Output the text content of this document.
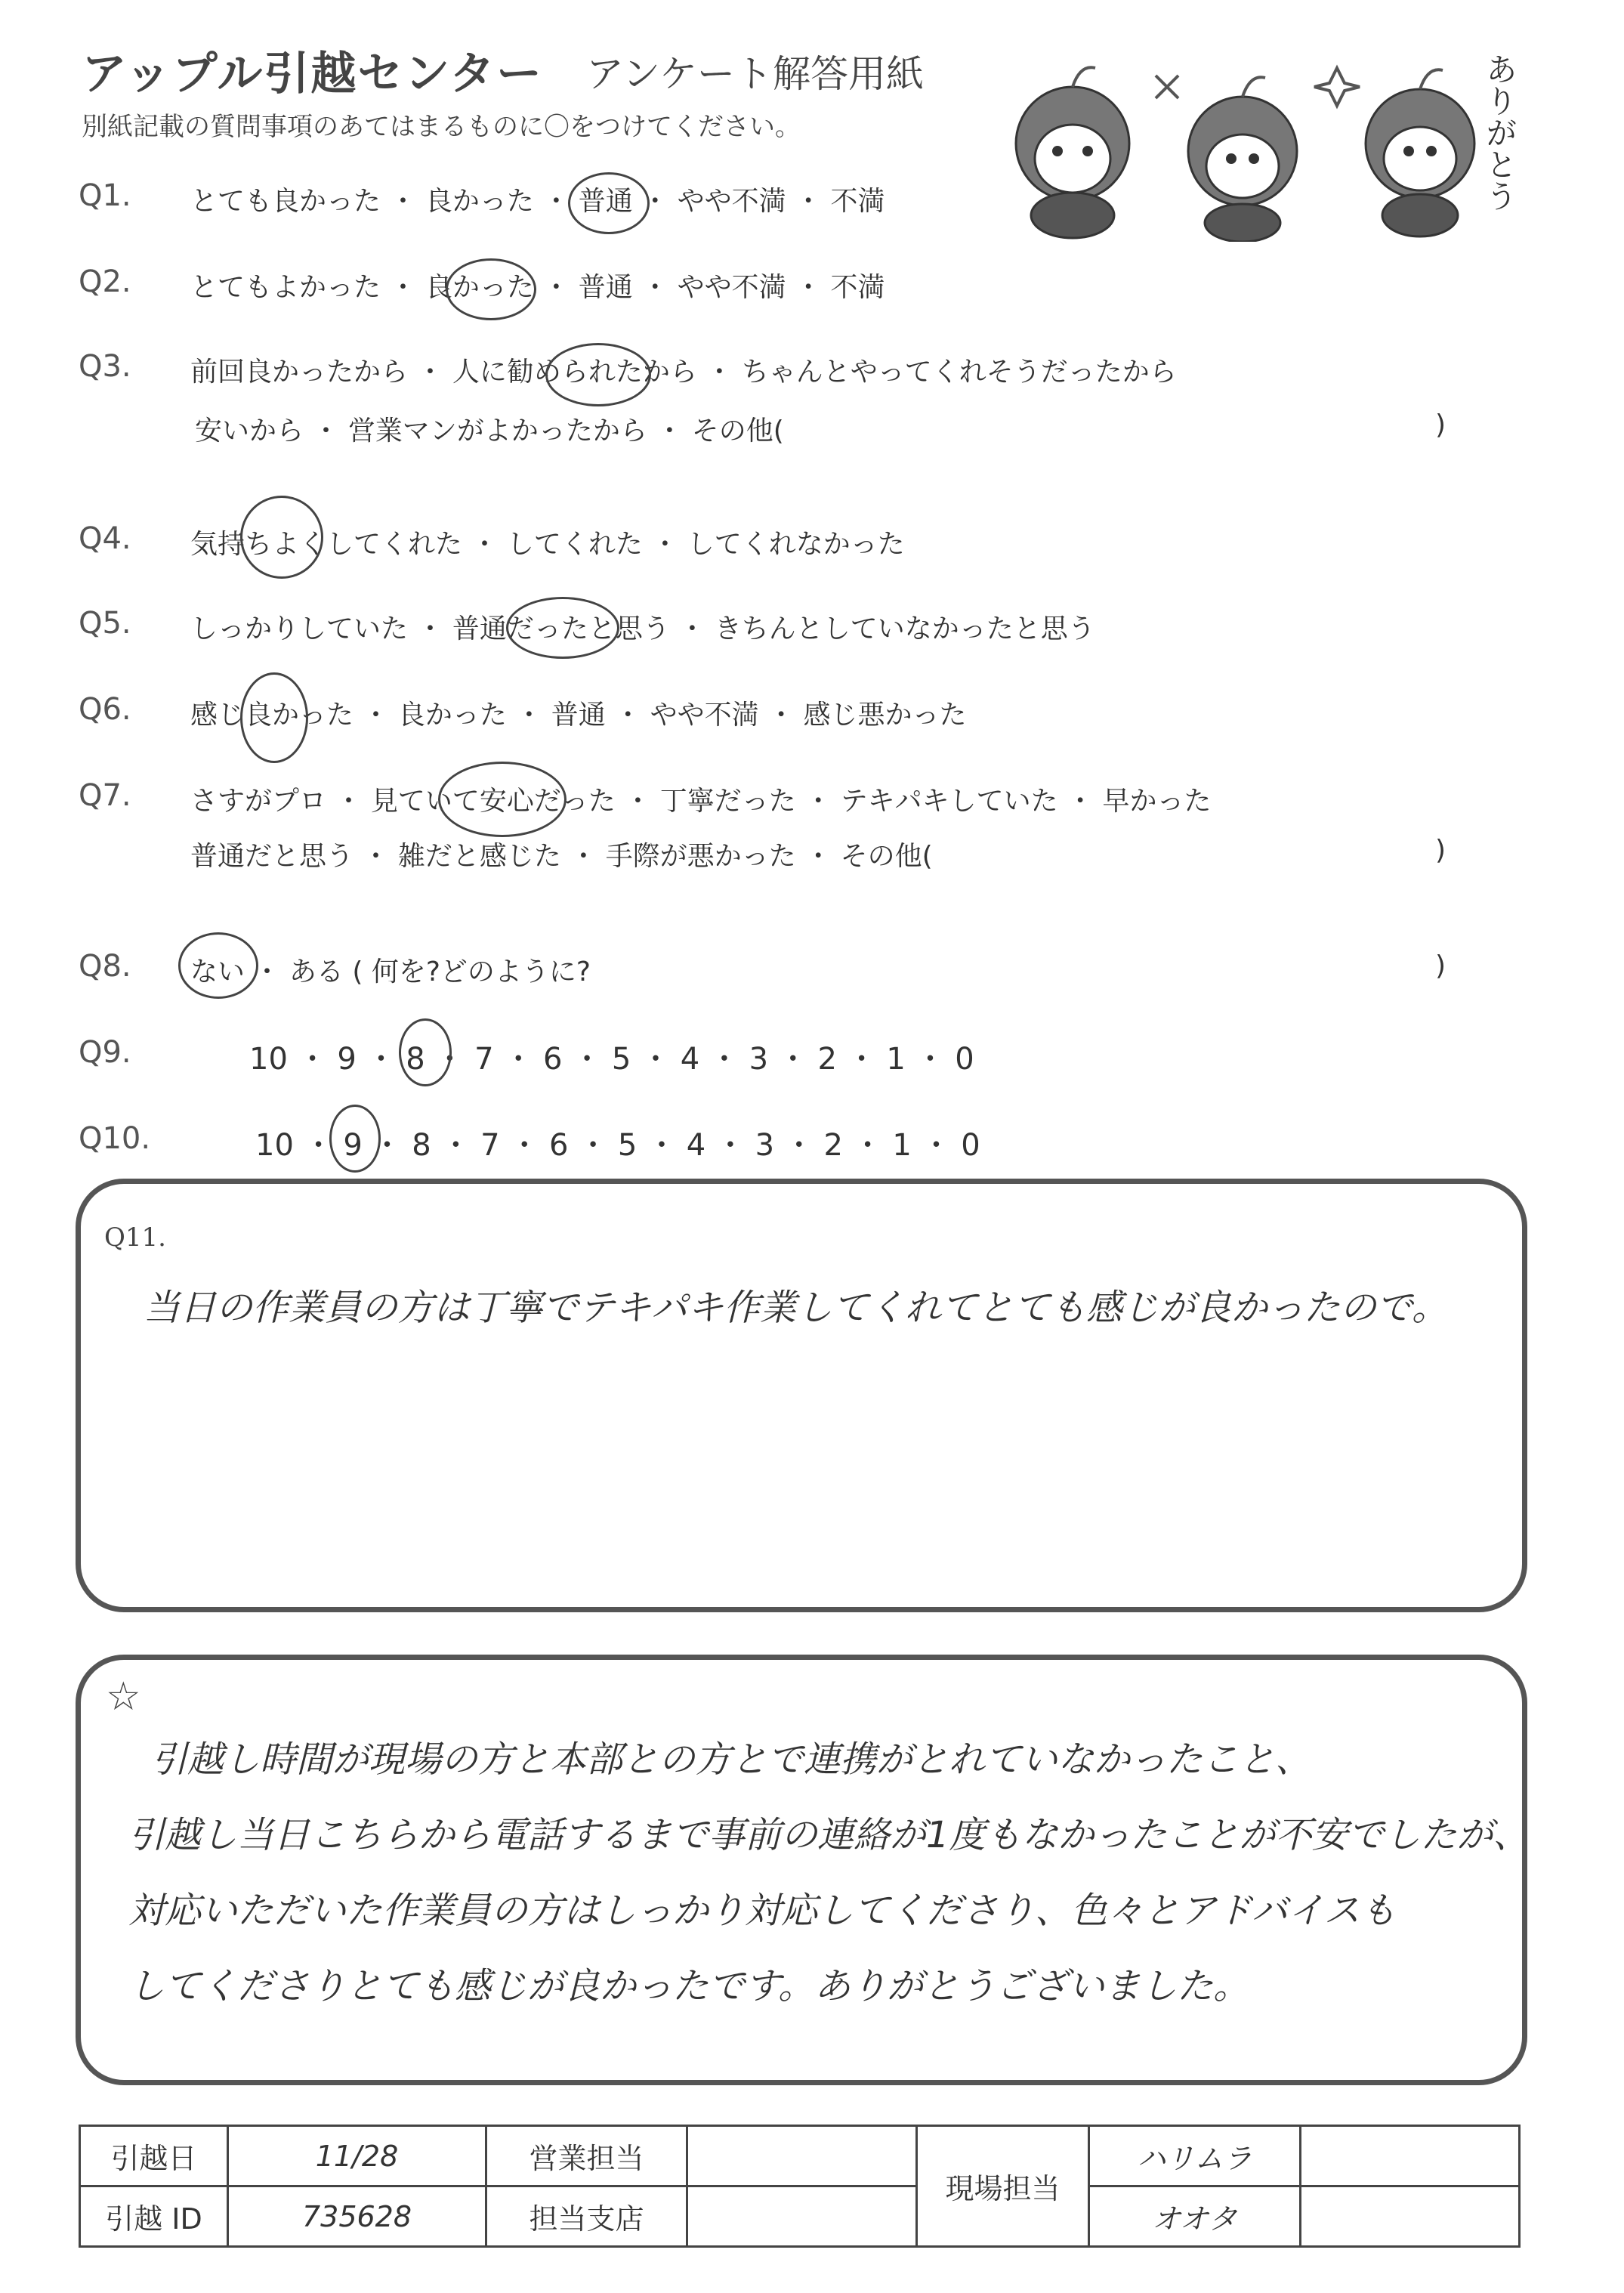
アップル引越センター アンケート解答用紙
別紙記載の質問事項のあてはまるものに〇をつけてください。	ありがとう
Q1. とても良かった ・ 良かった ・ 普通 ・ やや不満 ・ 不満
Q2. とてもよかった ・ 良かった ・ 普通 ・ やや不満 ・ 不満
Q3. 前回良かったから ・ 人に勧められたから ・ ちゃんとやってくれそうだったから
安いから ・ 営業マンがよかったから ・ その他(	)
Q4. 気持ちよくしてくれた ・ してくれた ・ してくれなかった
Q5. しっかりしていた ・ 普通だったと思う ・ きちんとしていなかったと思う
Q6. 感じ良かった ・ 良かった ・ 普通 ・ やや不満 ・ 感じ悪かった
Q7. さすがプロ ・ 見ていて安心だった ・ 丁寧だった ・ テキパキしていた ・ 早かった
普通だと思う ・ 雑だと感じた ・ 手際が悪かった ・ その他(	)
Q8. ない ・ ある ( 何を?どのように?	)
Q9.	10 ・ 9 ・ 8 ・ 7 ・ 6 ・ 5 ・ 4 ・ 3 ・ 2 ・ 1 ・ 0
Q10.	10 ・ 9 ・ 8 ・ 7 ・ 6 ・ 5 ・ 4 ・ 3 ・ 2 ・ 1 ・ 0
Q11.
当日の作業員の方は丁寧でテキパキ作業してくれてとても感じが良かったので。
☆
引越し時間が現場の方と本部との方とで連携がとれていなかったこと、
引越し当日こちらから電話するまで事前の連絡が1度もなかったことが不安でしたが、
対応いただいた作業員の方はしっかり対応してくださり、色々とアドバイスも
してくださりとても感じが良かったです。ありがとうございました。
引越日	11/28	営業担当		現場担当	ハリムラ	
引越 ID	735628	担当支店			オオタ	
